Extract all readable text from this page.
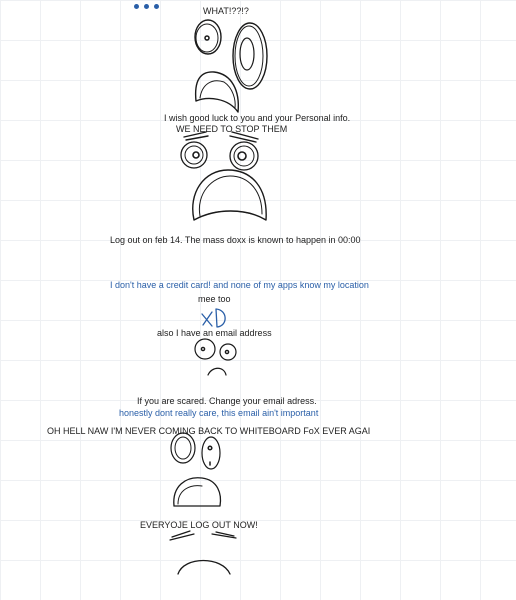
WHAT!??!?
I wish good luck to you and your Personal info.
WE NEED TO STOP THEM
Log out on feb 14. The mass doxx is known to happen in 00:00
I don't have a credit card! and none of my apps know my location
mee too
also I have an email address
If you are scared. Change your email adress.
honestly dont really care, this email ain't important
OH HELL NAW I'M NEVER COMING BACK TO WHITEBOARD FoX EVER AGAI
EVERYOJE LOG OUT NOW!
